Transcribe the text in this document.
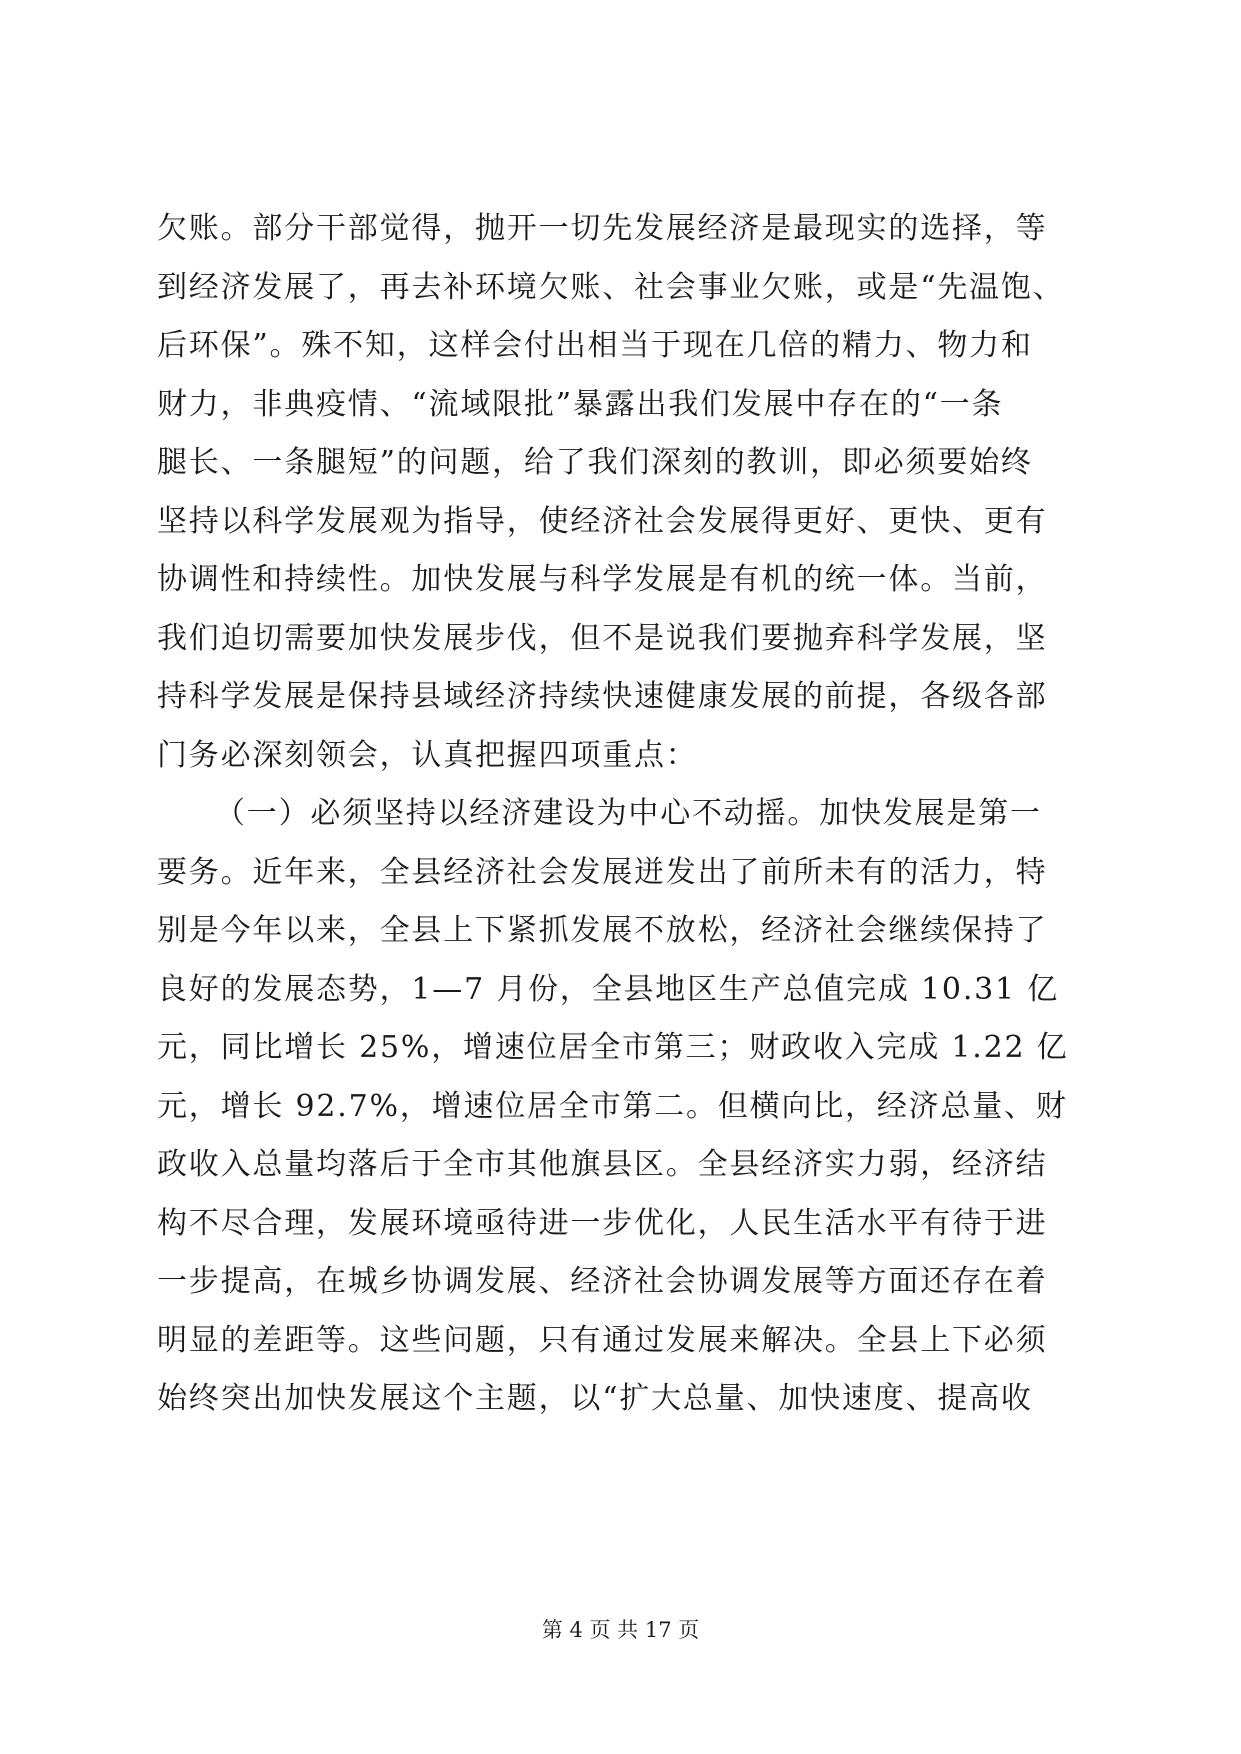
欠账。部分干部觉得，抛开一切先发展经济是最现实的选择，等
到经济发展了，再去补环境欠账、社会事业欠账，或是“先温饱、
后环保”。殊不知，这样会付出相当于现在几倍的精力、物力和
财力，非典疫情、“流域限批”暴露出我们发展中存在的“一条
腿长、一条腿短”的问题，给了我们深刻的教训，即必须要始终
坚持以科学发展观为指导，使经济社会发展得更好、更快、更有
协调性和持续性。加快发展与科学发展是有机的统一体。当前，
我们迫切需要加快发展步伐，但不是说我们要抛弃科学发展，坚
持科学发展是保持县域经济持续快速健康发展的前提，各级各部
门务必深刻领会，认真把握四项重点：
（一）必须坚持以经济建设为中心不动摇。加快发展是第一
要务。近年来，全县经济社会发展迸发出了前所未有的活力，特
别是今年以来，全县上下紧抓发展不放松，经济社会继续保持了
良好的发展态势，1—7 月份，全县地区生产总值完成 10.31 亿
元，同比增长 25%，增速位居全市第三；财政收入完成 1.22 亿
元，增长 92.7%，增速位居全市第二。但横向比，经济总量、财
政收入总量均落后于全市其他旗县区。全县经济实力弱，经济结
构不尽合理，发展环境亟待进一步优化，人民生活水平有待于进
一步提高，在城乡协调发展、经济社会协调发展等方面还存在着
明显的差距等。这些问题，只有通过发展来解决。全县上下必须
始终突出加快发展这个主题，以“扩大总量、加快速度、提高收
第 4 页 共 17 页
